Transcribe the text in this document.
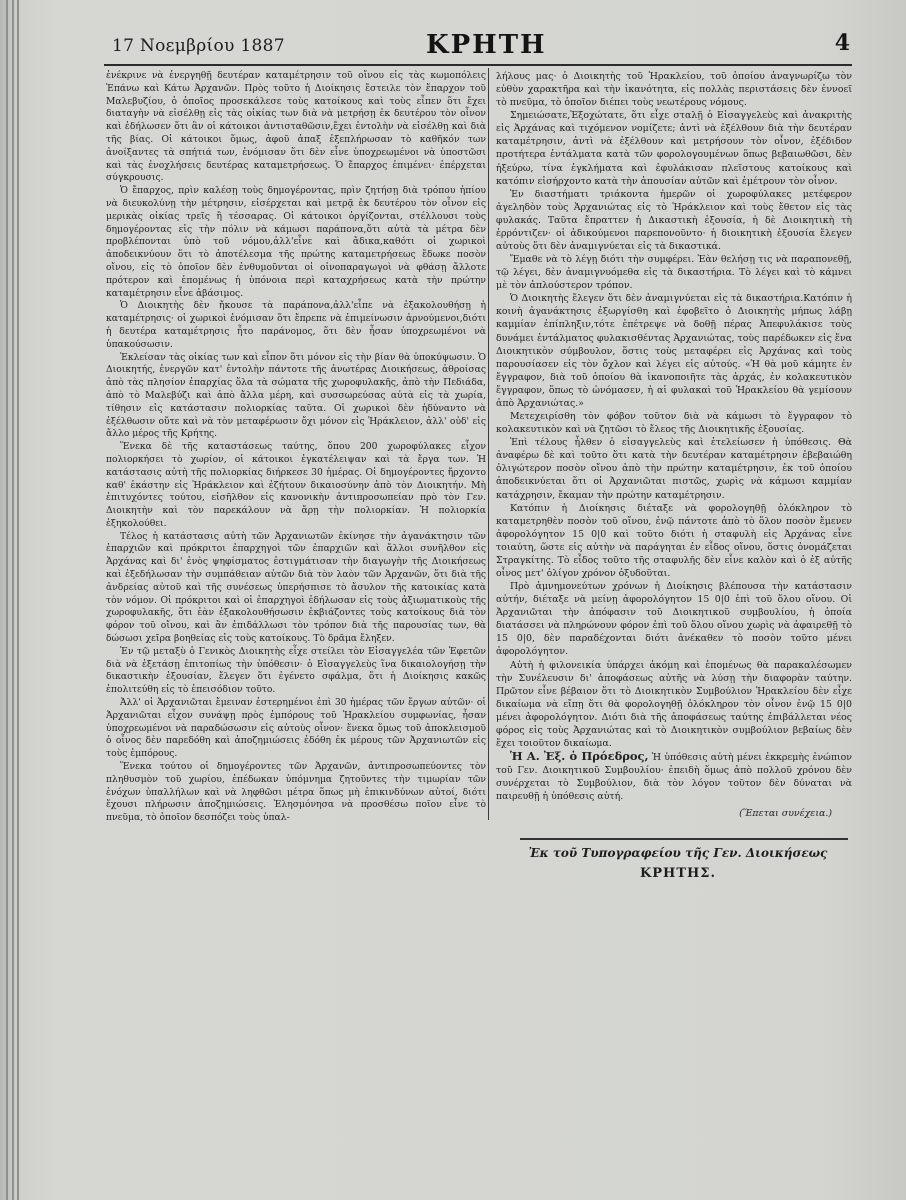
17 Νοεμβρίου 1887	ΚΡΗΤΗ	4

ἐνέκρινε νὰ ἐνεργηθῇ δευτέραν καταμέτρησιν τοῦ οἴνου εἰς τὰς κωμοπόλεις Ἐπάνω καὶ Κάτω Ἀρχανῶν. Πρὸς τοῦτο ἡ Διοίκησις ἔστειλε τὸν ἔπαρχον τοῦ Μαλεβυζίου, ὁ ὁποῖος προσεκάλεσε τοὺς κατοίκους καὶ τοὺς εἶπεν ὅτι ἔχει διαταγὴν νὰ εἰσέλθῃ εἰς τὰς οἰκίας των διὰ νὰ μετρήσῃ ἐκ δευτέρου τὸν οἶνον καὶ ἐδήλωσεν ὅτι ἂν οἱ κάτοικοι ἀντισταθῶσιν,ἔχει ἐντολὴν νὰ εἰσέλθῃ καὶ διὰ τῆς βίας. Οἱ κάτοικοι ὅμως, ἀφοῦ ἀπαξ ἐξεπλήρωσαν τὸ καθῆκόν των ἀνοίξαντες τὰ σπήτιά των, ἐνόμισαν ὅτι δὲν εἶνε ὑποχρεωμένοι νὰ ὑποστῶσι καὶ τὰς ἐνοχλήσεις δευτέρας καταμετρήσεως. Ὁ ἔπαρχος ἐπιμένει· ἐπέρχεται σύγκρουσις.

Ὁ ἔπαρχος, πρὶν καλέσῃ τοὺς δημογέροντας, πρὶν ζητήσῃ διὰ τρόπου ἠπίου νὰ διευκολύνῃ τὴν μέτρησιν, εἰσέρχεται καὶ μετρᾷ ἐκ δευτέρου τὸν οἶνον εἰς μερικὰς οἰκίας τρεῖς ἢ τέσσαρας. Οἱ κάτοικοι ὀργίζονται, στέλλουσι τοὺς δημογέροντας εἰς τὴν πόλιν νὰ κάμωσι παράπονα,ὅτι αὐτὰ τὰ μέτρα δὲν προβλέπονται ὑπὸ τοῦ νόμου,ἀλλ'εἶνε καὶ ἄδικα,καθότι οἱ χωρικοὶ ἀποδεικνύουν ὅτι τὸ ἀποτέλεσμα τῆς πρώτης καταμετρήσεως ἔδωκε ποσὸν οἴνου, εἰς τὸ ὁποῖον δὲν ἐνθυμοῦνται οἱ οἰνοπαραγωγοὶ νὰ φθάσῃ ἄλλοτε πρότερον καὶ ἑπομένως ἡ ὑπόνοια περὶ καταχρήσεως κατὰ τὴν πρώτην καταμέτρησιν εἶνε ἀβάσιμος.

Ὁ Διοικητὴς δὲν ἤκουσε τὰ παράπονα,ἀλλ'εἶπε νὰ ἐξακολουθήσῃ ἡ καταμέτρησις· οἱ χωρικοὶ ἐνόμισαν ὅτι ἔπρεπε νὰ ἐπιμείνωσιν ἀρνούμενοι,διότι ἡ δευτέρα καταμέτρησις ἦτο παράνομος, ὅτι δὲν ἦσαν ὑποχρεωμένοι νὰ ὑπακούσωσιν.

Ἐκλείσαν τὰς οἰκίας των καὶ εἶπον ὅτι μόνον εἰς τὴν βίαν θὰ ὑποκύψωσιν. Ὁ Διοικητής, ἐνεργῶν κατ' ἐντολὴν πάντοτε τῆς ἀνωτέρας Διοικήσεως, ἀθροίσας ἀπὸ τὰς πλησίον ἐπαρχίας ὅλα τὰ σώματα τῆς χωροφυλακῆς, ἀπὸ τὴν Πεδιάδα, ἀπὸ τὸ Μαλεβύζι καὶ ἀπὸ ἄλλα μέρη, καὶ συσσωρεύσας αὐτὰ εἰς τὰ χωρία, τίθησιν εἰς κατάστασιν πολιορκίας ταῦτα. Οἱ χωρικοὶ δὲν ἠδύναντο νὰ ἐξέλθωσιν οὔτε καὶ νὰ τὸν μεταφέρωσιν ὄχι μόνον εἰς Ἡράκλειον, ἀλλ' οὐδ' εἰς ἄλλο μέρος τῆς Κρήτης.

Ἕνεκα δὲ τῆς καταστάσεως ταύτης, ὅπου 200 χωροφύλακες εἶχον πολιορκήσει τὸ χωρίον, οἱ κάτοικοι ἐγκατέλειψαν καὶ τὰ ἔργα των. Ἡ κατάστασις αὐτὴ τῆς πολιορκίας διήρκεσε 30 ἡμέρας. Οἱ δημογέροντες ἤρχοντο καθ' ἑκάστην εἰς Ἡράκλειον καὶ ἐζήτουν δικαιοσύνην ἀπὸ τὸν Διοικητήν. Μὴ ἐπιτυχόντες τούτου, εἰσῆλθον εἰς κανονικὴν ἀντιπροσωπείαν πρὸ τὸν Γεν. Διοικητὴν καὶ τὸν παρεκάλουν νὰ ἄρῃ τὴν πολιορκίαν. Ἡ πολιορκία ἐξηκολούθει.

Τέλος ἡ κατάστασις αὐτὴ τῶν Ἀρχανιωτῶν ἐκίνησε τὴν ἀγανάκτησιν τῶν ἐπαρχιῶν καὶ πρόκριτοι ἐπαρχηγοὶ τῶν ἐπαρχιῶν καὶ ἄλλοι συνῆλθον εἰς Ἀρχάνας καὶ δι' ἑνὸς ψηφίσματος ἐστιγμάτισαν τὴν διαγωγὴν τῆς Διοικήσεως καὶ ἐξεδήλωσαν τὴν συμπάθειαν αὐτῶν διὰ τὸν λαὸν τῶν Ἀρχανῶν, ὅτι διὰ τῆς ἀνδρείας αὐτοῦ καὶ τῆς συνέσεως ὑπερήσπισε τὸ ἄσυλον τῆς κατοικίας κατὰ τὸν νόμον. Οἱ πρόκριτοι καὶ οἱ ἐπαρχηγοὶ ἐδήλωσαν εἰς τοὺς ἀξιωματικοὺς τῆς χωροφυλακῆς, ὅτι ἐὰν ἐξακολουθήσωσιν ἐκβιάζοντες τοὺς κατοίκους διὰ τὸν φόρον τοῦ οἴνου, καὶ ἂν ἐπιδάλλωσι τὸν τρόπον διὰ τῆς παρουσίας των, θὰ δώσωσι χεῖρα βοηθείας εἰς τοὺς κατοίκους. Τὸ δρᾶμα ἔληξεν.

Ἐν τῷ μεταξὺ ὁ Γενικὸς Διοικητὴς εἶχε στείλει τὸν Εἰσαγγελέα τῶν Ἐφετῶν διὰ νὰ ἐξετάσῃ ἐπιτοπίως τὴν ὑπόθεσιν· ὁ Εἰσαγγελεὺς ἵνα δικαιολογήσῃ τὴν δικαστικὴν ἐξουσίαν, ἔλεγεν ὅτι ἐγένετο σφάλμα, ὅτι ἡ Διοίκησις κακῶς ἐπολιτεύθη εἰς τὸ ἐπεισόδιον τοῦτο.

Ἀλλ' οἱ Ἀρχανιῶται ἔμειναν ἐστερημένοι ἐπὶ 30 ἡμέρας τῶν ἔργων αὐτῶν· οἱ Ἀρχανιῶται εἶχον συνάψῃ πρὸς ἐμπόρους τοῦ Ἡρακλείου συμφωνίας, ἦσαν ὑποχρεωμένοι νὰ παραδώσωσιν εἰς αὐτοὺς οἶνον· ἕνεκα ὅμως τοῦ ἀποκλεισμοῦ ὁ οἶνος δὲν παρεδόθη καὶ ἀποζημιώσεις ἐδόθη ἐκ μέρους τῶν Ἀρχανιωτῶν εἰς τοὺς ἐμπόρους.

Ἕνεκα τούτου οἱ δημογέροντες τῶν Ἀρχανῶν, ἀντιπροσωπεύοντες τὸν πληθυσμὸν τοῦ χωρίου, ἐπέδωκαν ὑπόμνημα ζητοῦντες τὴν τιμωρίαν τῶν ἐνόχων ὑπαλλήλων καὶ νὰ ληφθῶσι μέτρα ὅπως μὴ ἐπικινδύνων αὐτοί, διότι ἔχουσι πλήρωσιν ἀποζημιώσεις. Ἐλησμόνησα νὰ προσθέσω ποῖον εἶνε τὸ πνεῦμα, τὸ ὁποῖον δεσπόζει τοὺς ὑπαλ-

λήλους μας· ὁ Διοικητὴς τοῦ Ἡρακλείου, τοῦ ὁποίου ἀναγνωρίζω τὸν εὐθὺν χαρακτῆρα καὶ τὴν ἱκανότητα, εἰς πολλὰς περιστάσεις δὲν ἐννοεῖ τὸ πνεῦμα, τὸ ὁποῖον διέπει τοὺς νεωτέρους νόμους.

Σημειώσατε,Ἐξοχώτατε, ὅτι εἶχε σταλῇ ὁ Εἰσαγγελεὺς καὶ ἀνακριτὴς εἰς Ἀρχάνας καὶ τιχόμενον νομίζετε; ἀντὶ νὰ ἐξέλθουν διὰ τὴν δευτέραν καταμέτρησιν, ἀντὶ νὰ ἐξέλθουν καὶ μετρήσουν τὸν οἶνον, ἐξέδιδον προτήτερα ἐντάλματα κατὰ τῶν φορολογουμένων ὅπως βεβαιωθῶσι, δὲν ἠξεύρω, τίνα ἐγκλήματα καὶ ἐφυλάκισαν πλεῖστους κατοίκους καὶ κατόπιν εἰσήρχοντο κατὰ τὴν ἀπουσίαν αὐτῶν καὶ ἐμέτρουν τὸν οἶνον.

Ἐν διαστήματι τριάκοντα ἡμερῶν οἱ χωροφύλακες μετέφερον ἀγεληδὸν τοὺς Ἀρχανιώτας εἰς τὸ Ἡράκλειον καὶ τοὺς ἔθετον εἰς τὰς φυλακάς. Ταῦτα ἔπραττεν ἡ Δικαστικὴ ἐξουσία, ἡ δὲ Διοικητικὴ τὴ ἐρρόντιζεν· οἱ ἀδικούμενοι παρεπονοῦντο· ἡ διοικητικὴ ἐξουσία ἔλεγεν αὐτοὺς ὅτι δὲν ἀναμιγνύεται εἰς τὰ δικαστικά.

Ἔμαθε νὰ τὸ λέγῃ διότι τὴν συμφέρει. Ἐὰν θελήσῃ τις νὰ παραπονεθῇ, τῷ λέγει, δὲν ἀναμιγνυόμεθα εἰς τὰ δικαστήρια. Τὸ λέγει καὶ τὸ κάμνει μὲ τὸν ἀπλούστερον τρόπον.

Ὁ Διοικητὴς ἔλεγεν ὅτι δὲν ἀναμιγνύεται εἰς τὰ δικαστήρια.Κατόπιν ἡ κοινὴ ἀγανάκτησις ἐξωργίσθη καὶ ἐφοβεῖτο ὁ Διοικητὴς μήπως λάβῃ καμμίαν ἐπίπληξιν,τότε ἐπέτρεψε νὰ δοθῇ πέρας Ἀπεφυλάκισε τοὺς δυνάμει ἐντάλματος φυλακισθέντας Ἀρχανιώτας, τοὺς παρέδωκεν εἰς ἕνα Διοικητικὸν σύμβουλον, ὅστις τοὺς μεταφέρει εἰς Ἀρχάνας καὶ τοὺς παρουσίασεν εἰς τὸν ὄχλον καὶ λέγει εἰς αὐτούς. «Ἡ θὰ μοῦ κάμητε ἐν ἔγγραφον, διὰ τοῦ ὁποίου θὰ ἱκανοποιῆτε τὰς ἀρχάς, ἐν κολακευτικὸν ἔγγραφον, ὅπως τὸ ὠνόμασεν, ἡ αἱ φυλακαὶ τοῦ Ἡρακλείου θὰ γεμίσουν ἀπὸ Ἀρχανιώτας.»

Μετεχειρίσθη τὸν φόβον τοῦτον διὰ νὰ κάμωσι τὸ ἔγγραφον τὸ κολακευτικὸν καὶ νὰ ζητῶσι τὸ ἔλεος τῆς Διοικητικῆς ἐξουσίας.

Ἐπὶ τέλους ἦλθεν ὁ εἰσαγγελεὺς καὶ ἐτελείωσεν ἡ ὑπόθεσις. Θὰ ἀναφέρω δὲ καὶ τοῦτο ὅτι κατὰ τὴν δευτέραν καταμέτρησιν ἐβεβαιώθη ὀλιγώτερον ποσὸν οἴνου ἀπὸ τὴν πρώτην καταμέτρησιν, ἐκ τοῦ ὁποίου ἀποδεικνύεται ὅτι οἱ Ἀρχανιῶται πιστῶς, χωρὶς νὰ κάμωσι καμμίαν κατάχρησιν, ἔκαμαν τὴν πρώτην καταμέτρησιν.

Κατόπιν ἡ Διοίκησις διέταξε νὰ φορολογηθῇ ὁλόκληρον τὸ καταμετρηθὲν ποσὸν τοῦ οἴνου, ἐνῷ πάντοτε ἀπὸ τὸ ὅλον ποσὸν ἔμενεν ἀφορολόγητον 15 0|0 καὶ τοῦτο διότι ἡ σταφυλὴ εἰς Ἀρχάνας εἶνε τοιαύτη, ὥστε εἰς αὐτὴν νὰ παράγηται ἐν εἶδος οἴνου, ὅστις ὀνομάζεται Στραγκίτης. Τὸ εἶδος τοῦτο τῆς σταφυλῆς δὲν εἶνε καλὸν καὶ ὁ ἐξ αὐτῆς οἶνος μετ' ὀλίγον χρόνον ὀξυδοῦται.

Πρὸ ἀμνημονεύτων χρόνων ἡ Διοίκησις βλέπουσα τὴν κατάστασιν αὐτήν, διέταξε νὰ μείνῃ ἀφορολόγητον 15 0|0 ἐπὶ τοῦ ὅλου οἴνου. Οἱ Ἀρχανιῶται τὴν ἀπόφασιν τοῦ Διοικητικοῦ συμβουλίου, ἡ ὁποία διατάσσει νὰ πληρώνουν φόρον ἐπὶ τοῦ ὅλου οἴνου χωρὶς νὰ ἀφαιρεθῇ τὸ 15 0|0, δὲν παραδέχονται διότι ἀνέκαθεν τὸ ποσὸν τοῦτο μένει ἀφορολόγητον.

Αὐτὴ ἡ φιλονεικία ὑπάρχει ἀκόμη καὶ ἑπομένως θὰ παρακαλέσωμεν τὴν Συνέλευσιν δι' ἀποφάσεως αὐτῆς νὰ λύσῃ τὴν διαφορὰν ταύτην. Πρῶτον εἶνε βέβαιον ὅτι τὸ Διοικητικὸν Συμβούλιον Ἡρακλείου δὲν εἶχε δικαίωμα νὰ εἴπῃ ὅτι θὰ φορολογηθῇ ὁλόκληρον τὸν οἶνον ἐνῷ 15 0|0 μένει ἀφορολόγητον. Διότι διὰ τῆς ἀποφάσεως ταύτης ἐπιβάλλεται νέος φόρος εἰς τοὺς Ἀρχανιώτας καὶ τὸ Διοικητικὸν συμβούλιον βεβαίως δὲν ἔχει τοιοῦτον δικαίωμα.

Ἡ Α. Ἐξ. ὁ Πρόεδρος, Ἡ ὑπόθεσις αὐτὴ μένει ἐκκρεμὴς ἐνώπιον τοῦ Γεν. Διοικητικοῦ Συμβουλίου· ἐπειδὴ ὅμως ἀπὸ πολλοῦ χρόνου δὲν συνέρχεται τὸ Συμβούλιον, διὰ τὸν λόγον τοῦτον δὲν δύναται νὰ παιρευθῇ ἡ ὑπόθεσις αὐτή.

(Ἕπεται συνέχεια.)
Ἐκ τοῦ Τυπογραφείου τῆς Γεν. Διοικήσεως
ΚΡΗΤΗΣ.
